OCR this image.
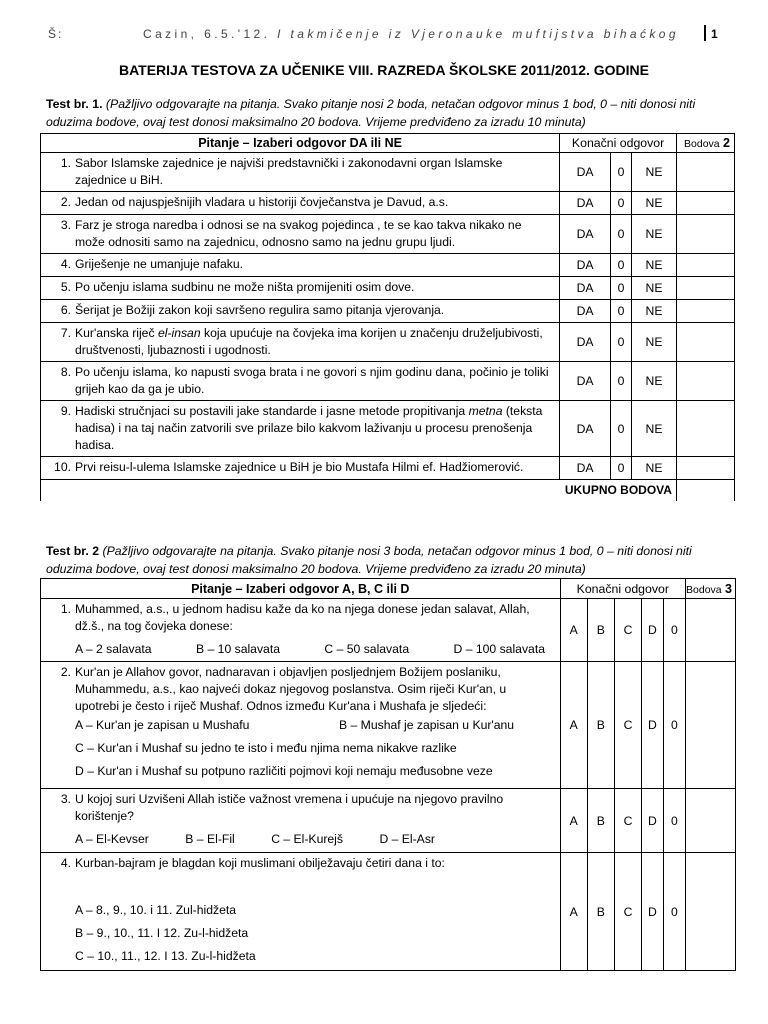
Š:	Cazin, 6.5.'12. I takmičenje iz Vjeronauke muftijstva bihaćkog	1
BATERIJA TESTOVA ZA UČENIKE VIII. RAZREDA ŠKOLSKE 2011/2012. GODINE
Test br. 1. (Pažljivo odgovarajte na pitanja. Svako pitanje nosi 2 boda, netačan odgovor minus 1 bod, 0 – niti donosi niti oduzima bodove, ovaj test donosi maksimalno 20 bodova. Vrijeme predviđeno za izradu 10 minuta)
Pitanje – Izaberi odgovor DA ili NE	Konačni odgovor			Bodova 2
1. Sabor Islamske zajednice je najviši predstavnički i zakonodavni organ Islamske zajednice u BiH.	DA	0	NE	
2. Jedan od najuspješnijih vladara u historiji čovječanstva je Davud, a.s.	DA	0	NE	
3. Farz je stroga naredba i odnosi se na svakog pojedinca , te se kao takva nikako ne može odnositi samo na zajednicu, odnosno samo na jednu grupu ljudi.	DA	0	NE	
4. Griješenje ne umanjuje nafaku.	DA	0	NE	
5. Po učenju islama sudbinu ne može ništa promijeniti osim dove.	DA	0	NE	
6. Šerijat je Božiji zakon koji savršeno regulira samo pitanja vjerovanja.	DA	0	NE	
7. Kur'anska riječ el-insan koja upućuje na čovjeka ima korijen u značenju druželjubivosti, društvenosti, ljubaznosti i ugodnosti.	DA	0	NE	
8. Po učenju islama, ko napusti svoga brata i ne govori s njim godinu dana, počinio je toliki grijeh kao da ga je ubio.	DA	0	NE	
9. Hadiski stručnjaci su postavili jake standarde i jasne metode propitivanja metna (teksta hadisa) i na taj način zatvorili sve prilaze bilo kakvom laživanju u procesu prenošenja hadisa.	DA	0	NE	
10. Prvi reisu-l-ulema Islamske zajednice u BiH je bio Mustafa Hilmi ef. Hadžiomerović.	DA	0	NE	
UKUPNO BODOVA				
Test br. 2 (Pažljivo odgovarajte na pitanja. Svako pitanje nosi 3 boda, netačan odgovor minus 1 bod, 0 – niti donosi niti oduzima bodove, ovaj test donosi maksimalno 20 bodova. Vrijeme predviđeno za izradu 20 minuta)
Pitanje – Izaberi odgovor A, B, C ili D	Konačni odgovor					Bodova 3
1. Muhammed, a.s., u jednom hadisu kaže da ko na njega donese jedan salavat, Allah, dž.š., na tog čovjeka donese:
A – 2 salavata B – 10 salavata C – 50 salavata D – 100 salavata	A	B	C	D	0	
2. Kur'an je Allahov govor, nadnaravan i objavljen posljednjem Božijem poslaniku, Muhammedu, a.s., kao najveći dokaz njegovog poslanstva. Osim riječi Kur'an, u upotrebi je često i riječ Mushaf. Odnos između Kur'ana i Mushafa je sljedeći:
A – Kur'an je zapisan u Mushafu B – Mushaf je zapisan u Kur'anu
C – Kur'an i Mushaf su jedno te isto i među njima nema nikakve razlike
D – Kur'an i Mushaf su potpuno različiti pojmovi koji nemaju međusobne veze	A	B	C	D	0	
3. U kojoj suri Uzvišeni Allah ističe važnost vremena i upućuje na njegovo pravilno korištenje?
A – El-Kevser B – El-Fil C – El-Kurejš D – El-Asr	A	B	C	D	0	
4. Kurban-bajram je blagdan koji muslimani obilježavaju četiri dana i to:
A – 8., 9., 10. i 11. Zul-hidžeta
B – 9., 10., 11. I 12. Zu-l-hidžeta
C – 10., 11., 12. I 13. Zu-l-hidžeta	A	B	C	D	0	
